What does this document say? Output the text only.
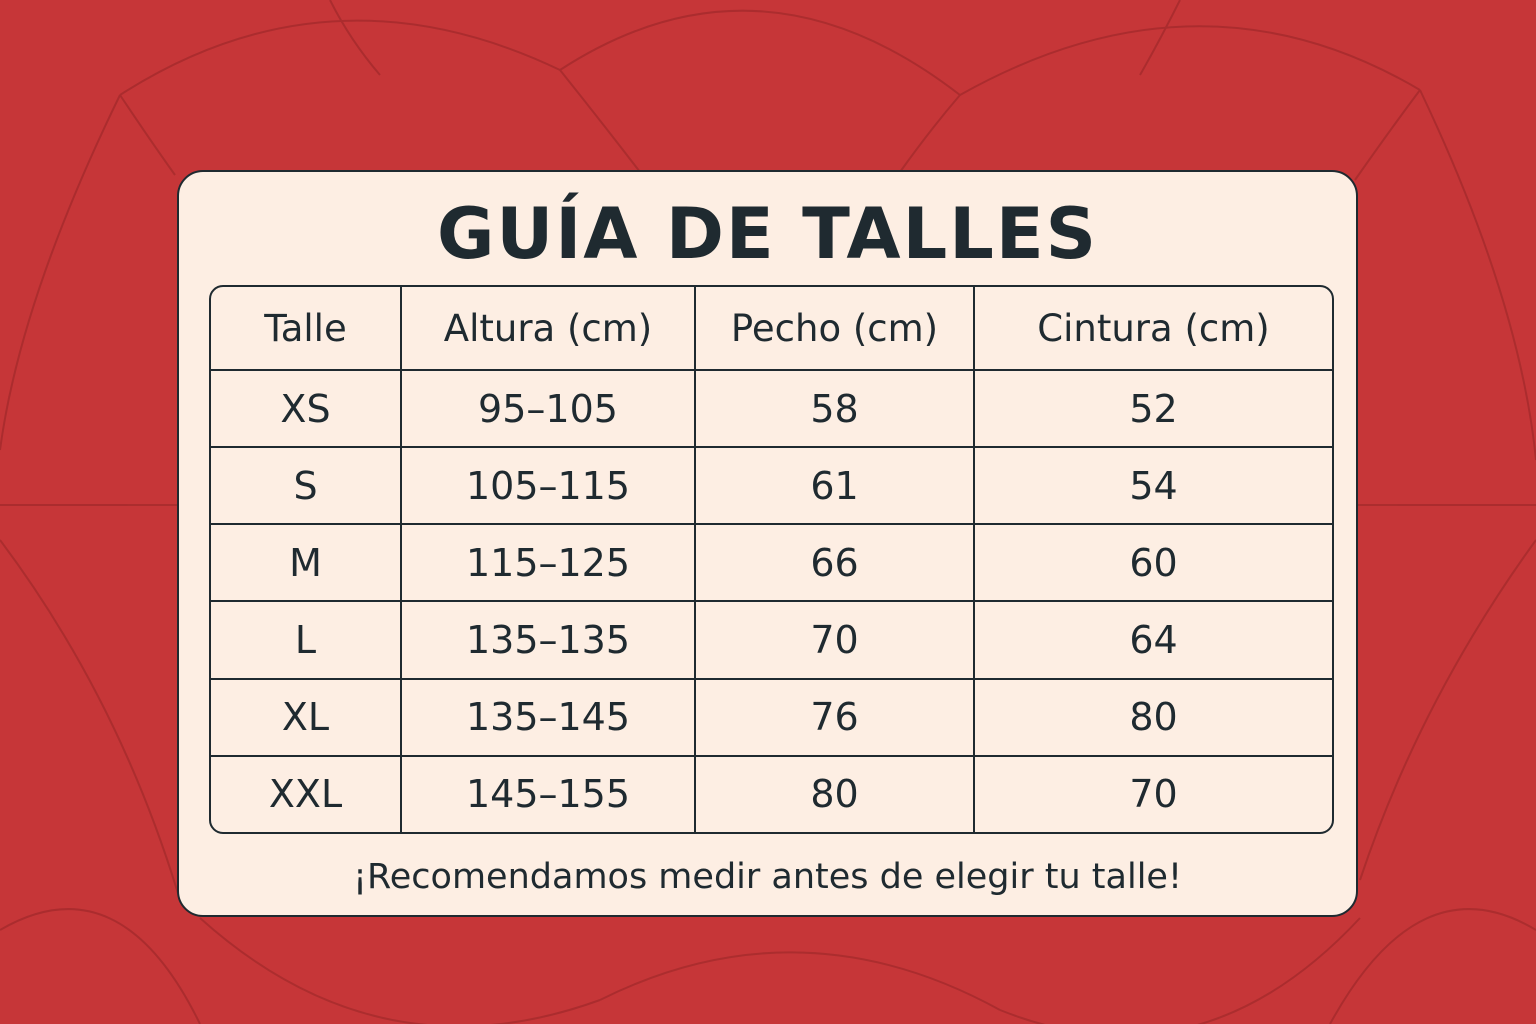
GUÍA DE TALLES
Talle	Altura (cm)	Pecho (cm)	Cintura (cm)
XS	95–105	58	52
S	105–115	61	54
M	115–125	66	60
L	135–135	70	64
XL	135–145	76	80
XXL	145–155	80	70

¡Recomendamos medir antes de elegir tu talle!
